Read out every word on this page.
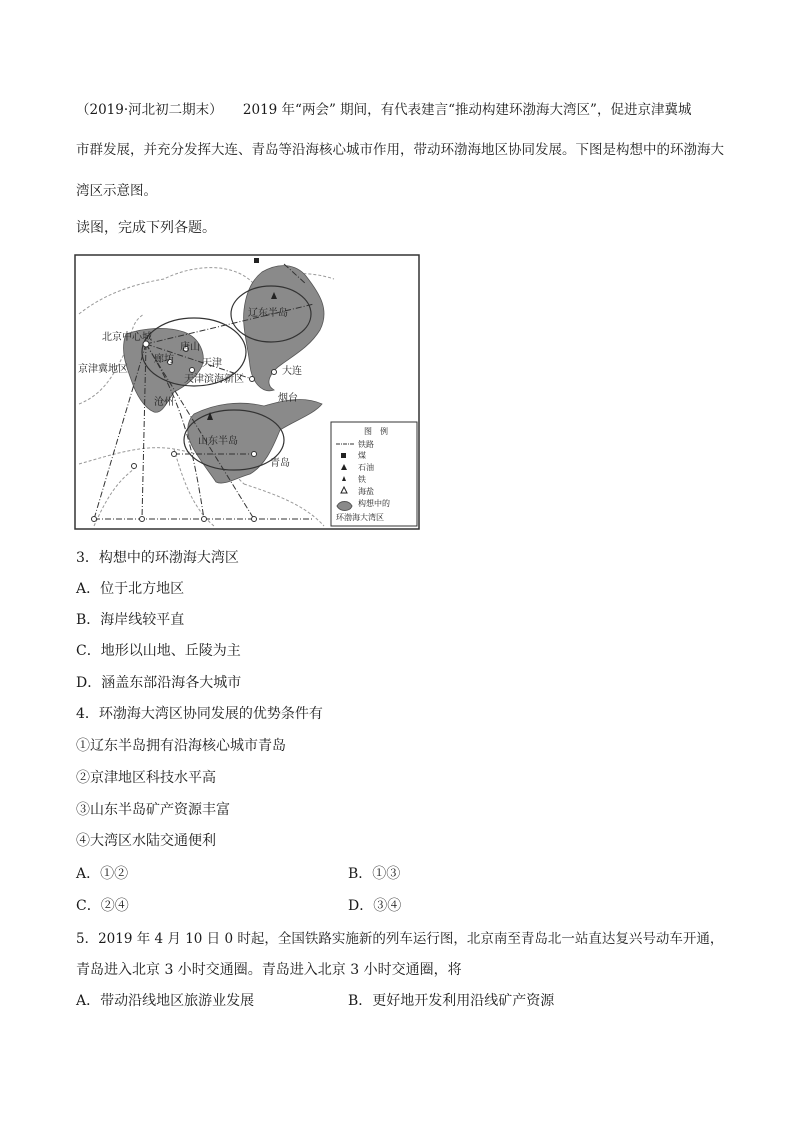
（2019·河北初二期末）　　2019 年“两会” 期间，有代表建言“推动构建环渤海大湾区”，促进京津冀城
市群发展，并充分发挥大连、青岛等沿海核心城市作用，带动环渤海地区协同发展。下图是构想中的环渤海大
湾区示意图。
读图，完成下列各题。
北京中心城
唐山
廊坊	天津
天津滨海新区
京津冀地区
沧州
辽东半岛
大连
烟台
山东半岛
青岛
图　例
铁路
煤
石油
铁
海盐
构想中的
环渤海大湾区
3．构想中的环渤海大湾区
A．位于北方地区
B．海岸线较平直
C．地形以山地、丘陵为主
D．涵盖东部沿海各大城市
4．环渤海大湾区协同发展的优势条件有
①辽东半岛拥有沿海核心城市青岛
②京津地区科技水平高
③山东半岛矿产资源丰富
④大湾区水陆交通便利
A．①②	B．①③
C．②④	D．③④
5．2019 年 4 月 10 日 0 时起，全国铁路实施新的列车运行图，北京南至青岛北一站直达复兴号动车开通，
青岛进入北京 3 小时交通圈。青岛进入北京 3 小时交通圈，将
A．带动沿线地区旅游业发展	B．更好地开发利用沿线矿产资源
